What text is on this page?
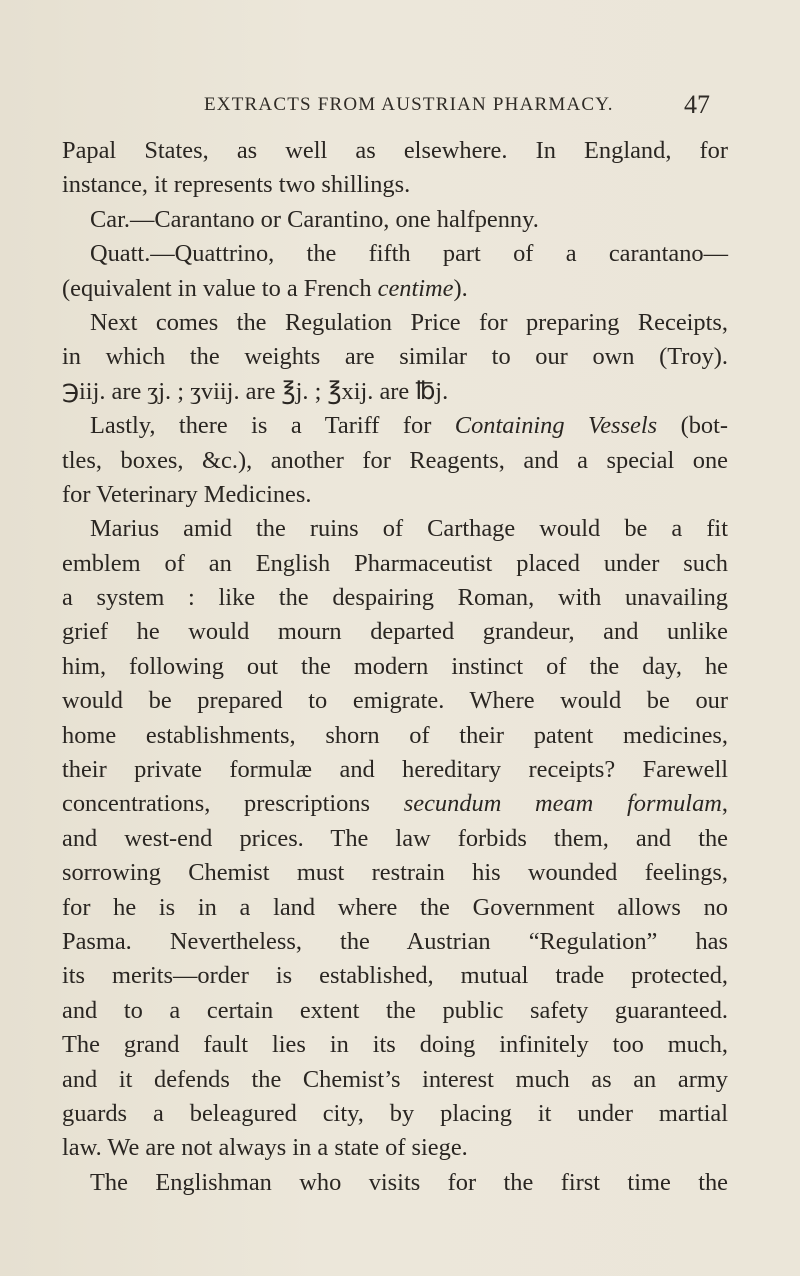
EXTRACTS FROM AUSTRIAN PHARMACY.	47
Papal States, as well as elsewhere. In England, for
instance, it represents two shillings.
Car.—Carantano or Carantino, one halfpenny.
Quatt.—Quattrino, the fifth part of a carantano—
(equivalent in value to a French centime).
Next comes the Regulation Price for preparing Receipts,
in which the weights are similar to our own (Troy).
℈iij. are ʒj. ; ʒviij. are ℥j. ; ℥xij. are ℔j.
Lastly, there is a Tariff for Containing Vessels (bot-
tles, boxes, &c.), another for Reagents, and a special one
for Veterinary Medicines.
Marius amid the ruins of Carthage would be a fit
emblem of an English Pharmaceutist placed under such
a system : like the despairing Roman, with unavailing
grief he would mourn departed grandeur, and unlike
him, following out the modern instinct of the day, he
would be prepared to emigrate. Where would be our
home establishments, shorn of their patent medicines,
their private formulæ and hereditary receipts? Farewell
concentrations, prescriptions secundum meam formulam,
and west-end prices. The law forbids them, and the
sorrowing Chemist must restrain his wounded feelings,
for he is in a land where the Government allows no
Pasma. Nevertheless, the Austrian “Regulation” has
its merits—order is established, mutual trade protected,
and to a certain extent the public safety guaranteed.
The grand fault lies in its doing infinitely too much,
and it defends the Chemist’s interest much as an army
guards a beleagured city, by placing it under martial
law. We are not always in a state of siege.
The Englishman who visits for the first time the
